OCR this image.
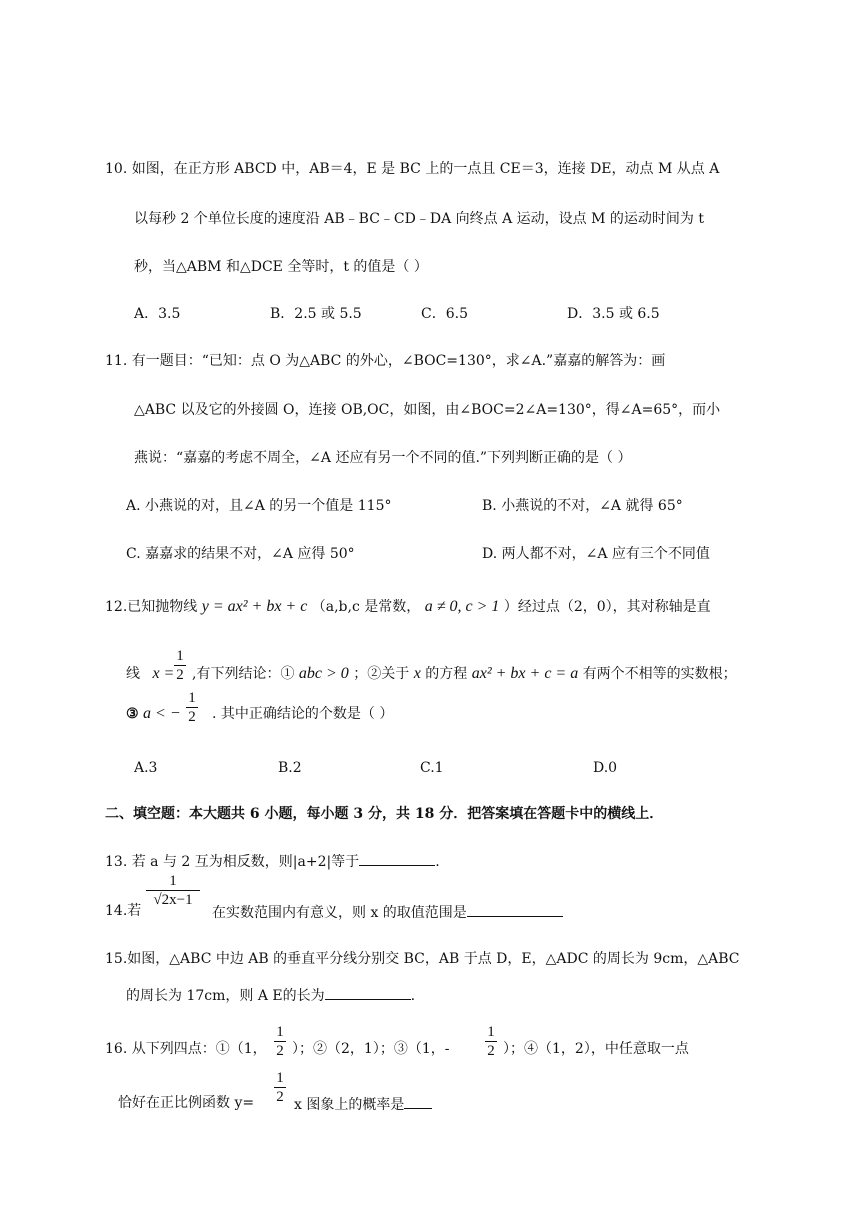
10. 如图，在正方形 ABCD 中，AB＝4，E 是 BC 上的一点且 CE＝3，连接 DE，动点 M 从点 A
以每秒 2 个单位长度的速度沿 AB﹣BC﹣CD﹣DA 向终点 A 运动，设点 M 的运动时间为 t
秒，当△ABM 和△DCE 全等时，t 的值是（ ）
A．3.5	B．2.5 或 5.5	C．6.5	D．3.5 或 6.5
11. 有一题目：“已知：点 O 为△ABC 的外心，∠BOC=130°，求∠A.”嘉嘉的解答为：画
△ABC 以及它的外接圆 O，连接 OB,OC，如图，由∠BOC=2∠A=130°，得∠A=65°，而小
燕说：“嘉嘉的考虑不周全，∠A 还应有另一个不同的值.”下列判断正确的是（ ）
A. 小燕说的对，且∠A 的另一个值是 115°	B. 小燕说的不对，∠A 就得 65°
C. 嘉嘉求的结果不对，∠A 应得 50°	D. 两人都不对，∠A 应有三个不同值
12.已知抛物线 y = ax² + bx + c （a,b,c 是常数， a ≠ 0, c > 1 ）经过点（2，0），其对称轴是直
线 x =
1
2 ,有下列结论：① abc > 0 ；②关于 x 的方程 ax² + bx + c = a 有两个不相等的实数根；
③ a < −
1
2 . 其中正确结论的个数是（ ）
A.3	B.2	C.1	D.0
二、填空题：本大题共 6 小题，每小题 3 分，共 18 分．把答案填在答题卡中的横线上．
13. 若 a 与 2 互为相反数，则|a+2|等于	.
14.若
1
√2x−1
在实数范围内有意义，则 x 的取值范围是
15.如图，△ABC 中边 AB 的垂直平分线分别交 BC，AB 于点 D，E，△ADC 的周长为 9cm，△ABC
的周长为 17cm，则 A E的长为	.
16. 从下列四点：①（1，
1
2 ）；②（2，1）；③（1，-
1
2 ）；④（1，2），中任意取一点
恰好在正比例函数 y=
1
2 x 图象上的概率是
